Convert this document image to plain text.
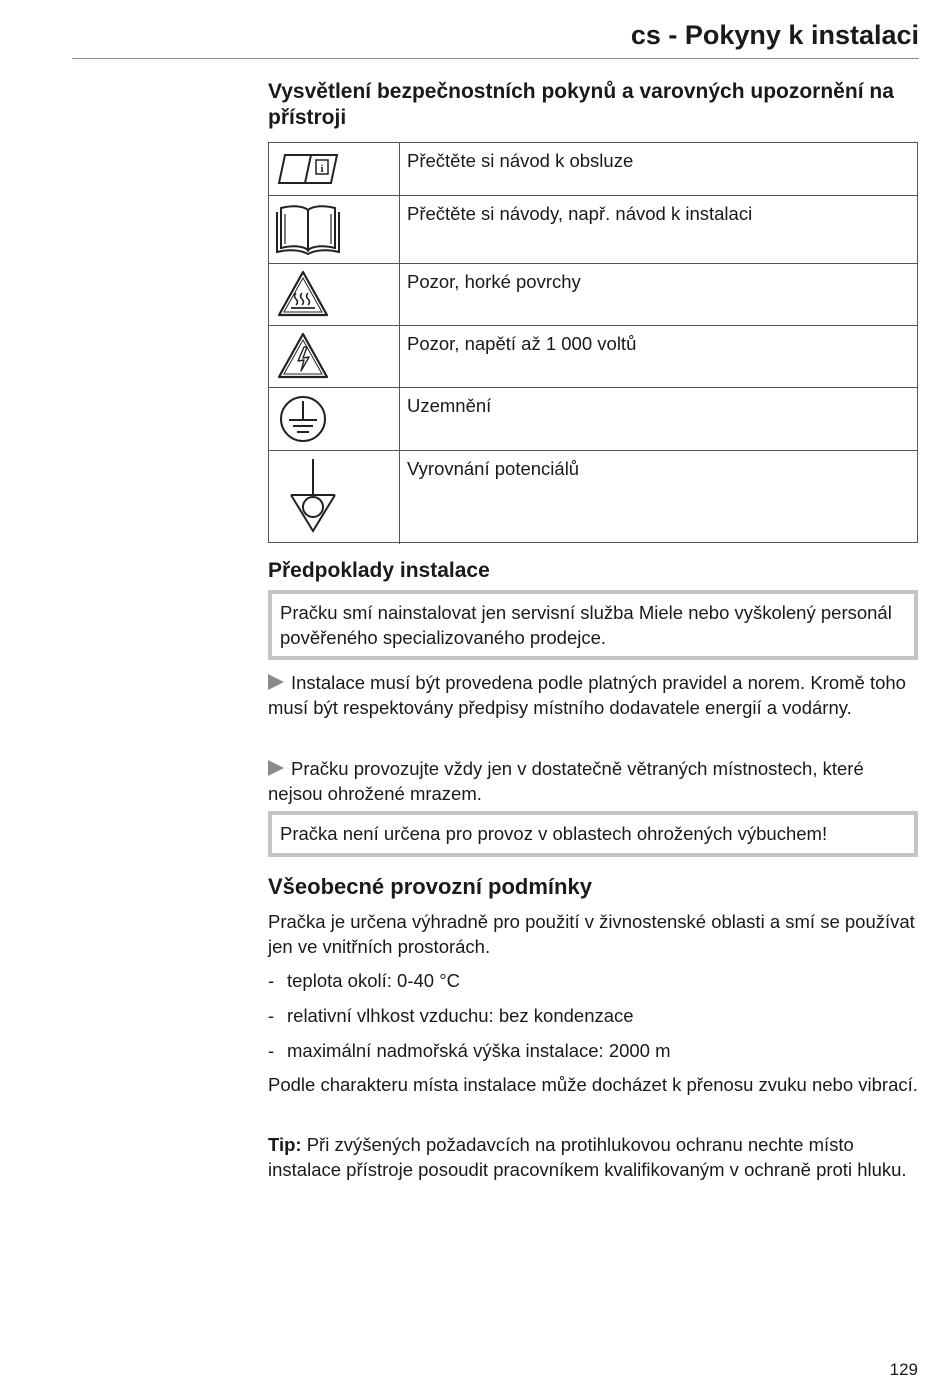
cs - Pokyny k instalaci
Vysvětlení bezpečnostních pokynů a varovných upozornění na přístroji
i	Přečtěte si návod k obsluze
Přečtěte si návody, např. návod k instalaci
Pozor, horké povrchy
Pozor, napětí až 1 000 voltů
Uzemnění
Vyrovnání potenciálů
Předpoklady instalace
Pračku smí nainstalovat jen servisní služba Miele nebo vyškolený personál pověřeného specializovaného prodejce.
Instalace musí být provedena podle platných pravidel a norem. Kromě toho musí být respektovány předpisy místního dodavatele energií a vodárny.
Pračku provozujte vždy jen v dostatečně větraných místnostech, které nejsou ohrožené mrazem.
Pračka není určena pro provoz v oblastech ohrožených výbuchem!
Všeobecné provozní podmínky
Pračka je určena výhradně pro použití v živnostenské oblasti a smí se používat jen ve vnitřních prostorách.
- teplota okolí: 0-40 °C
- relativní vlhkost vzduchu: bez kondenzace
- maximální nadmořská výška instalace: 2000 m
Podle charakteru místa instalace může docházet k přenosu zvuku nebo vibrací.
Tip: Při zvýšených požadavcích na protihlukovou ochranu nechte místo instalace přístroje posoudit pracovníkem kvalifikovaným v ochraně proti hluku.
129
